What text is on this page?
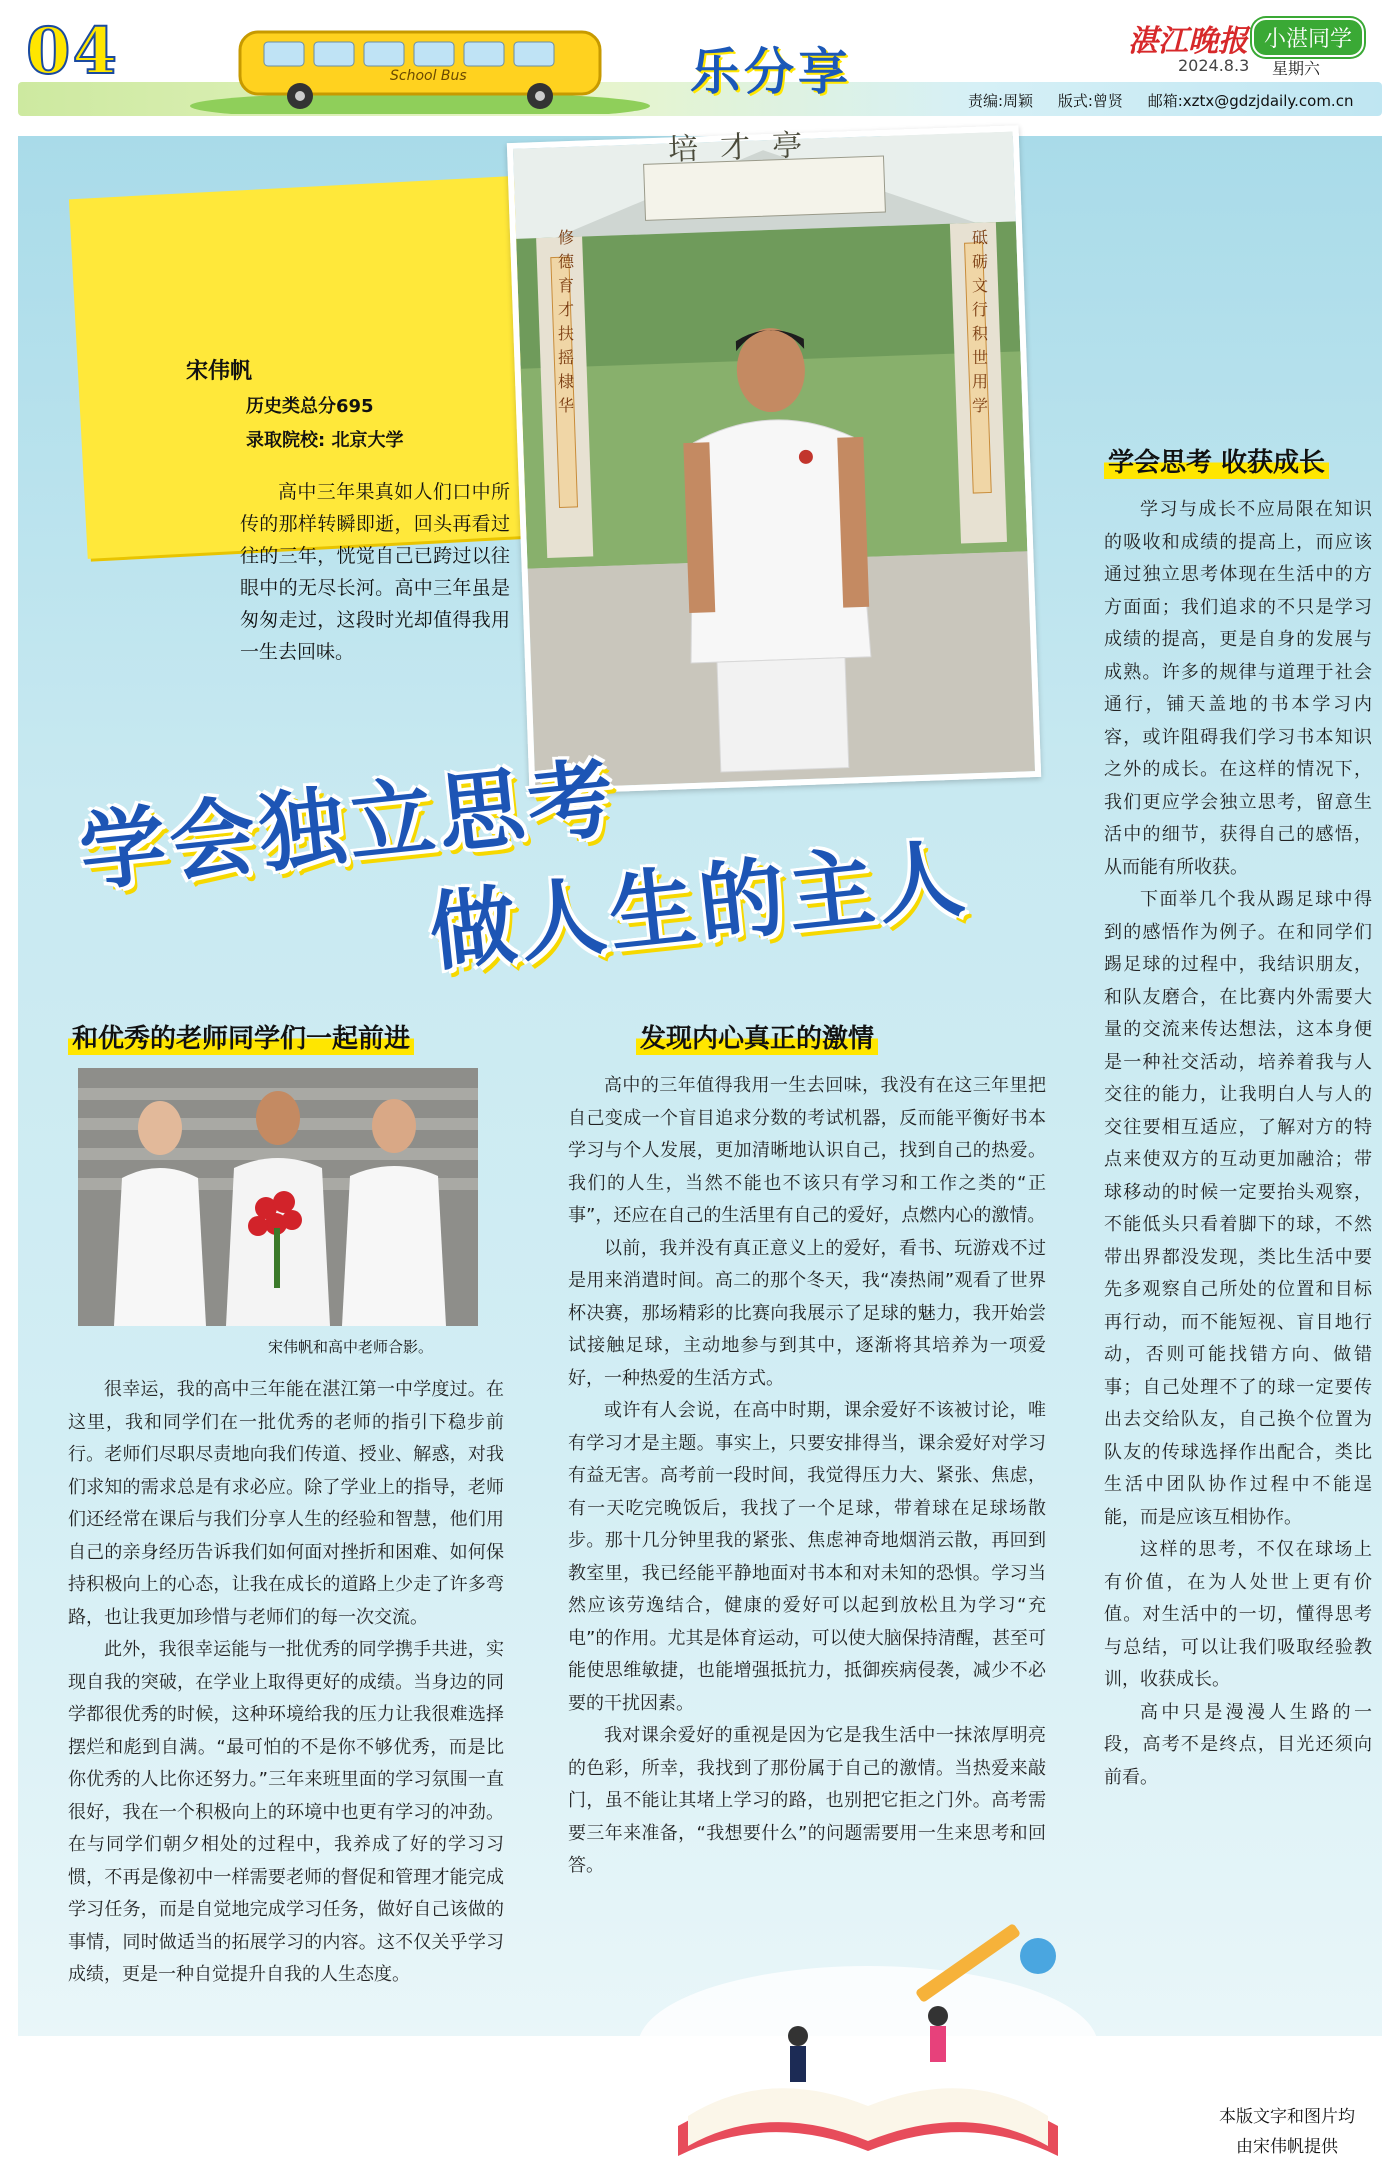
04	School Bus	乐分享
湛江晚报 小湛同学
2024.8.3 星期六
责编:周颖 版式:曾贤 邮箱:xztx@gdzjdaily.com.cn
培才亭
修德育才扶摇棣华
砥砺文行积世用学
宋伟帆
历史类总分695
录取院校: 北京大学
高中三年果真如人们口中所传的那样转瞬即逝，回头再看过往的三年，恍觉自己已跨过以往眼中的无尽长河。高中三年虽是匆匆走过，这段时光却值得我用一生去回味。
学会独立思考
做人生的主人
学会思考 收获成长

学习与成长不应局限在知识的吸收和成绩的提高上，而应该通过独立思考体现在生活中的方方面面；我们追求的不只是学习成绩的提高，更是自身的发展与成熟。许多的规律与道理于社会通行，铺天盖地的书本学习内容，或许阻碍我们学习书本知识之外的成长。在这样的情况下，我们更应学会独立思考，留意生活中的细节，获得自己的感悟，从而能有所收获。

下面举几个我从踢足球中得到的感悟作为例子。在和同学们踢足球的过程中，我结识朋友，和队友磨合，在比赛内外需要大量的交流来传达想法，这本身便是一种社交活动，培养着我与人交往的能力，让我明白人与人的交往要相互适应，了解对方的特点来使双方的互动更加融洽；带球移动的时候一定要抬头观察，不能低头只看着脚下的球，不然带出界都没发现，类比生活中要先多观察自己所处的位置和目标再行动，而不能短视、盲目地行动，否则可能找错方向、做错事；自己处理不了的球一定要传出去交给队友，自己换个位置为队友的传球选择作出配合，类比生活中团队协作过程中不能逞能，而是应该互相协作。

这样的思考，不仅在球场上有价值，在为人处世上更有价值。对生活中的一切，懂得思考与总结，可以让我们吸取经验教训，收获成长。

高中只是漫漫人生路的一段，高考不是终点，目光还须向前看。

和优秀的老师同学们一起前进
宋伟帆和高中老师合影。

很幸运，我的高中三年能在湛江第一中学度过。在这里，我和同学们在一批优秀的老师的指引下稳步前行。老师们尽职尽责地向我们传道、授业、解惑，对我们求知的需求总是有求必应。除了学业上的指导，老师们还经常在课后与我们分享人生的经验和智慧，他们用自己的亲身经历告诉我们如何面对挫折和困难、如何保持积极向上的心态，让我在成长的道路上少走了许多弯路，也让我更加珍惜与老师们的每一次交流。

此外，我很幸运能与一批优秀的同学携手共进，实现自我的突破，在学业上取得更好的成绩。当身边的同学都很优秀的时候，这种环境给我的压力让我很难选择摆烂和彪到自满。“最可怕的不是你不够优秀，而是比你优秀的人比你还努力。”三年来班里面的学习氛围一直很好，我在一个积极向上的环境中也更有学习的冲劲。在与同学们朝夕相处的过程中，我养成了好的学习习惯，不再是像初中一样需要老师的督促和管理才能完成学习任务，而是自觉地完成学习任务，做好自己该做的事情，同时做适当的拓展学习的内容。这不仅关乎学习成绩，更是一种自觉提升自我的人生态度。

发现内心真正的激情

高中的三年值得我用一生去回味，我没有在这三年里把自己变成一个盲目追求分数的考试机器，反而能平衡好书本学习与个人发展，更加清晰地认识自己，找到自己的热爱。我们的人生，当然不能也不该只有学习和工作之类的“正事”，还应在自己的生活里有自己的爱好，点燃内心的激情。

以前，我并没有真正意义上的爱好，看书、玩游戏不过是用来消遣时间。高二的那个冬天，我“凑热闹”观看了世界杯决赛，那场精彩的比赛向我展示了足球的魅力，我开始尝试接触足球，主动地参与到其中，逐渐将其培养为一项爱好，一种热爱的生活方式。

或许有人会说，在高中时期，课余爱好不该被讨论，唯有学习才是主题。事实上，只要安排得当，课余爱好对学习有益无害。高考前一段时间，我觉得压力大、紧张、焦虑，有一天吃完晚饭后，我找了一个足球，带着球在足球场散步。那十几分钟里我的紧张、焦虑神奇地烟消云散，再回到教室里，我已经能平静地面对书本和对未知的恐惧。学习当然应该劳逸结合，健康的爱好可以起到放松且为学习“充电”的作用。尤其是体育运动，可以使大脑保持清醒，甚至可能使思维敏捷，也能增强抵抗力，抵御疾病侵袭，减少不必要的干扰因素。

我对课余爱好的重视是因为它是我生活中一抹浓厚明亮的色彩，所幸，我找到了那份属于自己的激情。当热爱来敲门，虽不能让其堵上学习的路，也别把它拒之门外。高考需要三年来准备，“我想要什么”的问题需要用一生来思考和回答。

本版文字和图片均由宋伟帆提供
